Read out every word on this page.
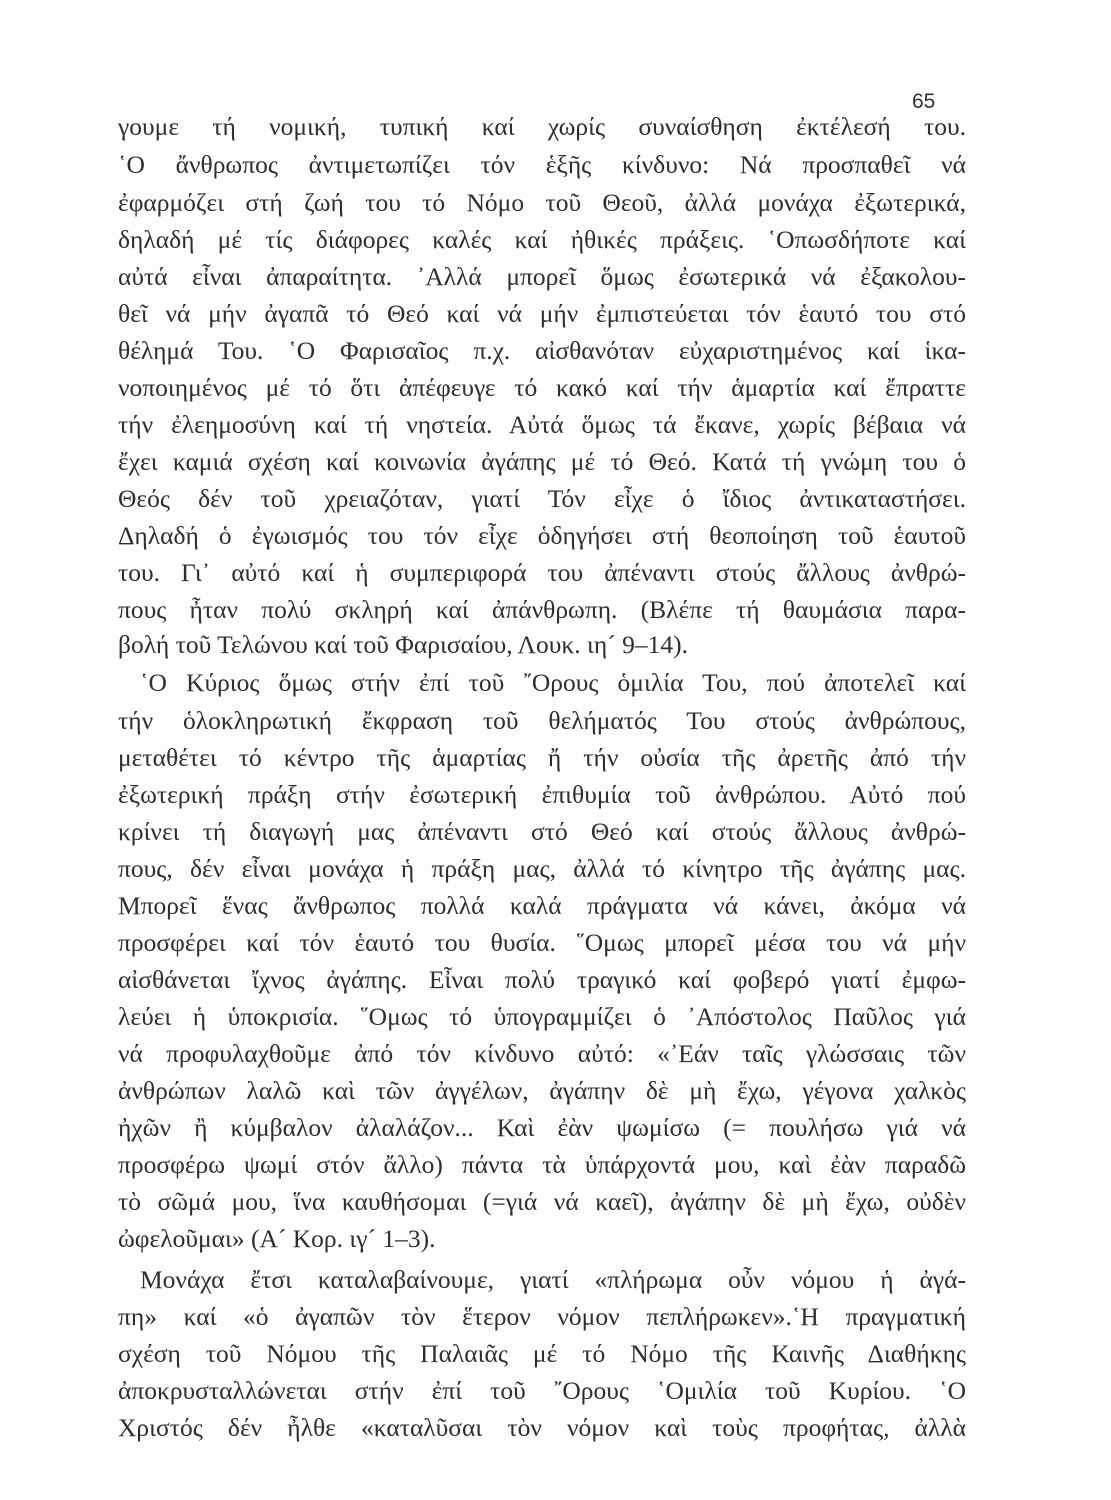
65
γουμε τή νομική, τυπική καί χωρίς συναίσθηση ἐκτέλεσή του.
῾Ο ἄνθρωπος ἀντιμετωπίζει τόν ἑξῆς κίνδυνο: Νά προσπαθεῖ νά
ἐφαρμόζει στή ζωή του τό Νόμο τοῦ Θεοῦ, ἀλλά μονάχα ἐξωτερικά,
δηλαδή μέ τίς διάφορες καλές καί ἠθικές πράξεις. ῾Οπωσδήποτε καί
αὐτά εἶναι ἀπαραίτητα. ᾿Αλλά μπορεῖ ὅμως ἐσωτερικά νά ἐξακολου-
θεῖ νά μήν ἀγαπᾶ τό Θεό καί νά μήν ἐμπιστεύεται τόν ἑαυτό του στό
θέλημά Του. ῾Ο Φαρισαῖος π.χ. αἰσθανόταν εὐχαριστημένος καί ἱκα-
νοποιημένος μέ τό ὅτι ἀπέφευγε τό κακό καί τήν ἁμαρτία καί ἔπραττε
τήν ἐλεημοσύνη καί τή νηστεία. Αὐτά ὅμως τά ἔκανε, χωρίς βέβαια νά
ἔχει καμιά σχέση καί κοινωνία ἀγάπης μέ τό Θεό. Κατά τή γνώμη του ὁ
Θεός δέν τοῦ χρειαζόταν, γιατί Τόν εἶχε ὁ ἴδιος ἀντικαταστήσει.
Δηλαδή ὁ ἐγωισμός του τόν εἶχε ὁδηγήσει στή θεοποίηση τοῦ ἑαυτοῦ
του. Γι᾿ αὐτό καί ἡ συμπεριφορά του ἀπέναντι στούς ἄλλους ἀνθρώ-
πους ἦταν πολύ σκληρή καί ἀπάνθρωπη. (Βλέπε τή θαυμάσια παρα-
βολή τοῦ Τελώνου καί τοῦ Φαρισαίου, Λουκ. ιη´ 9–14).
῾Ο Κύριος ὅμως στήν ἐπί τοῦ ῎Ορους ὁμιλία Του, πού ἀποτελεῖ καί
τήν ὁλοκληρωτική ἔκφραση τοῦ θελήματός Του στούς ἀνθρώπους,
μεταθέτει τό κέντρο τῆς ἁμαρτίας ἤ τήν οὐσία τῆς ἀρετῆς ἀπό τήν
ἐξωτερική πράξη στήν ἐσωτερική ἐπιθυμία τοῦ ἀνθρώπου. Αὐτό πού
κρίνει τή διαγωγή μας ἀπέναντι στό Θεό καί στούς ἄλλους ἀνθρώ-
πους, δέν εἶναι μονάχα ἡ πράξη μας, ἀλλά τό κίνητρο τῆς ἀγάπης μας.
Μπορεῖ ἕνας ἄνθρωπος πολλά καλά πράγματα νά κάνει, ἀκόμα νά
προσφέρει καί τόν ἑαυτό του θυσία. ῞Ομως μπορεῖ μέσα του νά μήν
αἰσθάνεται ἴχνος ἀγάπης. Εἶναι πολύ τραγικό καί φοβερό γιατί ἐμφω-
λεύει ἡ ὑποκρισία. ῞Ομως τό ὑπογραμμίζει ὁ ᾿Απόστολος Παῦλος γιά
νά προφυλαχθοῦμε ἀπό τόν κίνδυνο αὐτό: «᾿Εάν ταῖς γλώσσαις τῶν
ἀνθρώπων λαλῶ καὶ τῶν ἀγγέλων, ἀγάπην δὲ μὴ ἔχω, γέγονα χαλκὸς
ἠχῶν ἢ κύμβαλον ἀλαλάζον... Καὶ ἐὰν ψωμίσω (= πουλήσω γιά νά
προσφέρω ψωμί στόν ἄλλο) πάντα τὰ ὑπάρχοντά μου, καὶ ἐὰν παραδῶ
τὸ σῶμά μου, ἵνα καυθήσομαι (=γιά νά καεῖ), ἀγάπην δὲ μὴ ἔχω, οὐδὲν
ὠφελοῦμαι» (Α´ Κορ. ιγ´ 1–3).
Μονάχα ἔτσι καταλαβαίνουμε, γιατί «πλήρωμα οὖν νόμου ἡ ἀγά-
πη» καί «ὁ ἀγαπῶν τὸν ἕτερον νόμον πεπλήρωκεν».῾Η πραγματική
σχέση τοῦ Νόμου τῆς Παλαιᾶς μέ τό Νόμο τῆς Καινῆς Διαθήκης
ἀποκρυσταλλώνεται στήν ἐπί τοῦ ῎Ορους ῾Ομιλία τοῦ Κυρίου. ῾Ο
Χριστός δέν ἦλθε «καταλῦσαι τὸν νόμον καὶ τοὺς προφήτας, ἀλλὰ
